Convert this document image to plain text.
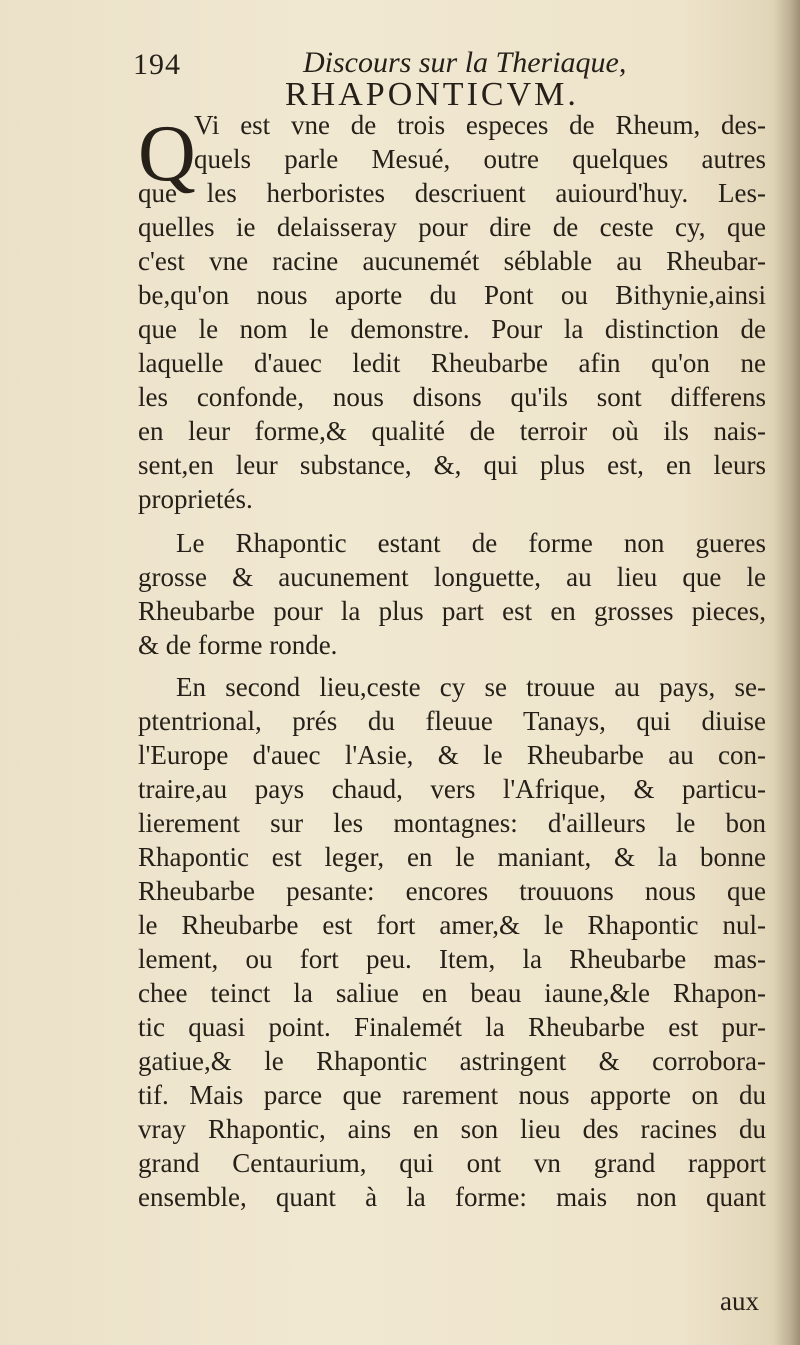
194	Discours sur la Theriaque,
RHAPONTICVM.
Q
Vi est vne de trois especes de Rheum, des-
quels parle Mesué, outre quelques autres
que les herboristes descriuent auiourd'huy. Les-
quelles ie delaisseray pour dire de ceste cy, que
c'est vne racine aucunemét séblable au Rheubar-
be,qu'on nous aporte du Pont ou Bithynie,ainsi
que le nom le demonstre. Pour la distinction de
laquelle d'auec ledit Rheubarbe afin qu'on ne
les confonde, nous disons qu'ils sont differens
en leur forme,& qualité de terroir où ils nais-
sent,en leur substance, &, qui plus est, en leurs
proprietés.
Le Rhapontic estant de forme non gueres
grosse & aucunement longuette, au lieu que le
Rheubarbe pour la plus part est en grosses pieces,
& de forme ronde.
En second lieu,ceste cy se trouue au pays, se-
ptentrional, prés du fleuue Tanays, qui diuise
l'Europe d'auec l'Asie, & le Rheubarbe au con-
traire,au pays chaud, vers l'Afrique, & particu-
lierement sur les montagnes: d'ailleurs le bon
Rhapontic est leger, en le maniant, & la bonne
Rheubarbe pesante: encores trouuons nous que
le Rheubarbe est fort amer,& le Rhapontic nul-
lement, ou fort peu. Item, la Rheubarbe mas-
chee teinct la saliue en beau iaune,&le Rhapon-
tic quasi point. Finalemét la Rheubarbe est pur-
gatiue,& le Rhapontic astringent & corrobora-
tif. Mais parce que rarement nous apporte on du
vray Rhapontic, ains en son lieu des racines du
grand Centaurium, qui ont vn grand rapport
ensemble, quant à la forme: mais non quant
aux
